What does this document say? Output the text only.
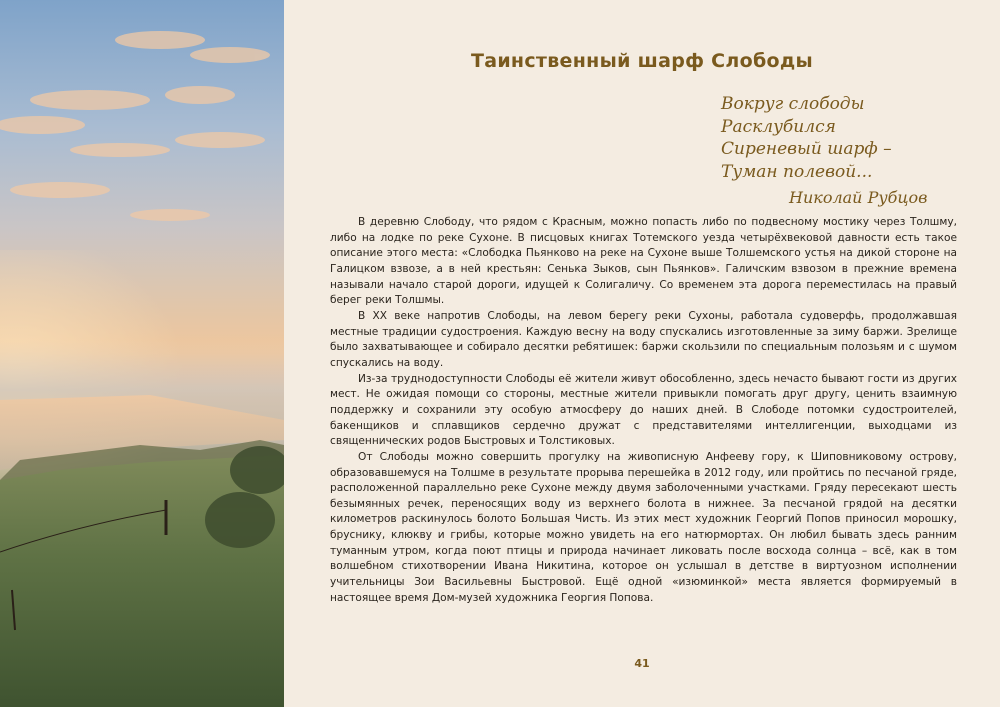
Таинственный шарф Слободы
Вокруг слободы
Расклубился
Сиреневый шарф –
Туман полевой...
Николай Рубцов

В деревню Слободу, что рядом с Красным, можно попасть либо по подвесному мостику через Толшму, либо на лодке по реке Сухоне. В писцовых книгах Тотемского уезда четырёхвековой давности есть такое описание этого места: «Слободка Пьянково на реке на Сухоне выше Толшемского устья на дикой стороне на Галицком взвозе, а в ней крестьян: Сенька Зыков, сын Пьянков». Галичским взвозом в прежние времена называли начало старой дороги, идущей к Солигаличу. Со временем эта дорога переместилась на правый берег реки Толшмы.

В XX веке напротив Слободы, на левом берегу реки Сухоны, работала судоверфь, продолжавшая местные традиции судостроения. Каждую весну на воду спускались изготовленные за зиму баржи. Зрелище было захватывающее и собирало десятки ребятишек: баржи скользили по специальным полозьям и с шумом спускались на воду.

Из-за труднодоступности Слободы её жители живут обособленно, здесь нечасто бывают гости из других мест. Не ожидая помощи со стороны, местные жители привыкли помогать друг другу, ценить взаимную поддержку и сохранили эту особую атмосферу до наших дней. В Слободе потомки судостроителей, бакенщиков и сплавщиков сердечно дружат с представителями интеллигенции, выходцами из священнических родов Быстровых и Толстиковых.

От Слободы можно совершить прогулку на живописную Анфееву гору, к Шиповниковому острову, образовавшемуся на Толшме в результате прорыва перешейка в 2012 году, или пройтись по песчаной гряде, расположенной параллельно реке Сухоне между двумя заболоченными участками. Гряду пересекают шесть безымянных речек, переносящих воду из верхнего болота в нижнее. За песчаной грядой на десятки километров раскинулось болото Большая Чисть. Из этих мест художник Георгий Попов приносил морошку, бруснику, клюкву и грибы, которые можно увидеть на его натюрмортах. Он любил бывать здесь ранним туманным утром, когда поют птицы и природа начинает ликовать после восхода солнца – всё, как в том волшебном стихотворении Ивана Никитина, которое он услышал в детстве в виртуозном исполнении учительницы Зои Васильевны Быстровой. Ещё одной «изюминкой» места является формируемый в настоящее время Дом-музей художника Георгия Попова.

41
